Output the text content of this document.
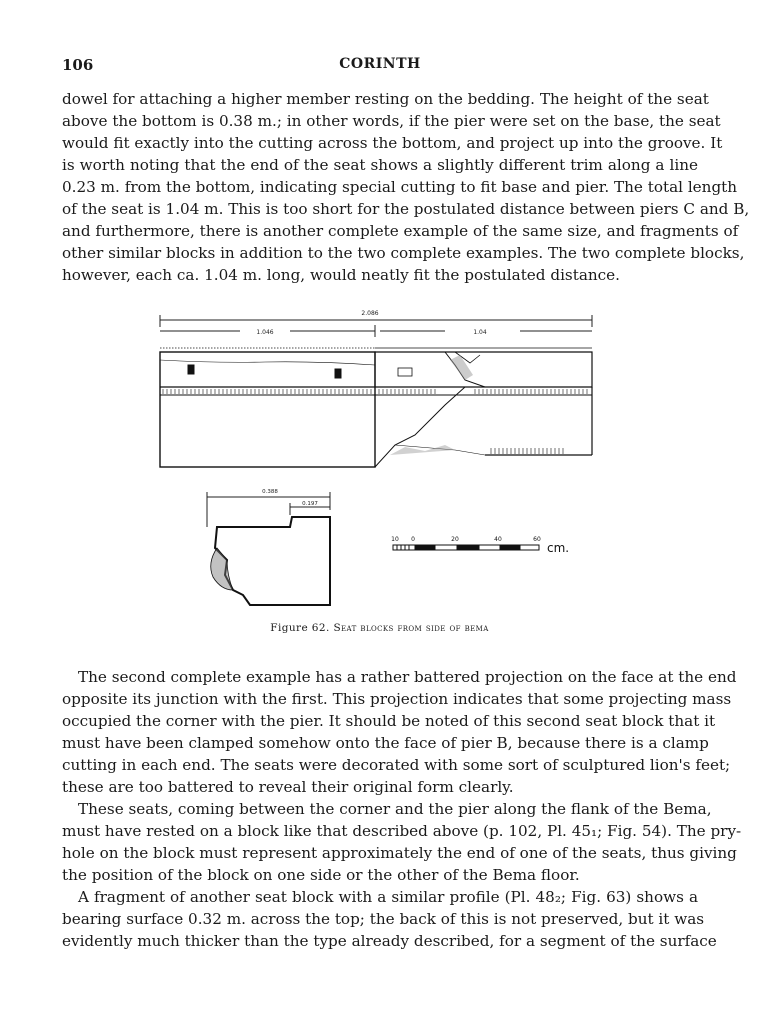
106	CORINTH
dowel for attaching a higher member resting on the bedding. The height of the seat
above the bottom is 0.38 m.; in other words, if the pier were set on the base, the seat
would fit exactly into the cutting across the bottom, and project up into the groove. It
is worth noting that the end of the seat shows a slightly different trim along a line
0.23 m. from the bottom, indicating special cutting to fit base and pier. The total length
of the seat is 1.04 m. This is too short for the postulated distance between piers C and B,
and furthermore, there is another complete example of the same size, and fragments of
other similar blocks in addition to the two complete examples. The two complete blocks,
however, each ca. 1.04 m. long, would neatly fit the postulated distance.
2.086
1.046	1.04
0.388
0.197
10 0	20	40	60
cm.
Figure 62. Seat blocks from side of bema
The second complete example has a rather battered projection on the face at the end
opposite its junction with the first. This projection indicates that some projecting mass
occupied the corner with the pier. It should be noted of this second seat block that it
must have been clamped somehow onto the face of pier B, because there is a clamp
cutting in each end. The seats were decorated with some sort of sculptured lion's feet;
these are too battered to reveal their original form clearly.
These seats, coming between the corner and the pier along the flank of the Bema,
must have rested on a block like that described above (p. 102, Pl. 45₁; Fig. 54). The pry-
hole on the block must represent approximately the end of one of the seats, thus giving
the position of the block on one side or the other of the Bema floor.
A fragment of another seat block with a similar profile (Pl. 48₂; Fig. 63) shows a
bearing surface 0.32 m. across the top; the back of this is not preserved, but it was
evidently much thicker than the type already described, for a segment of the surface
